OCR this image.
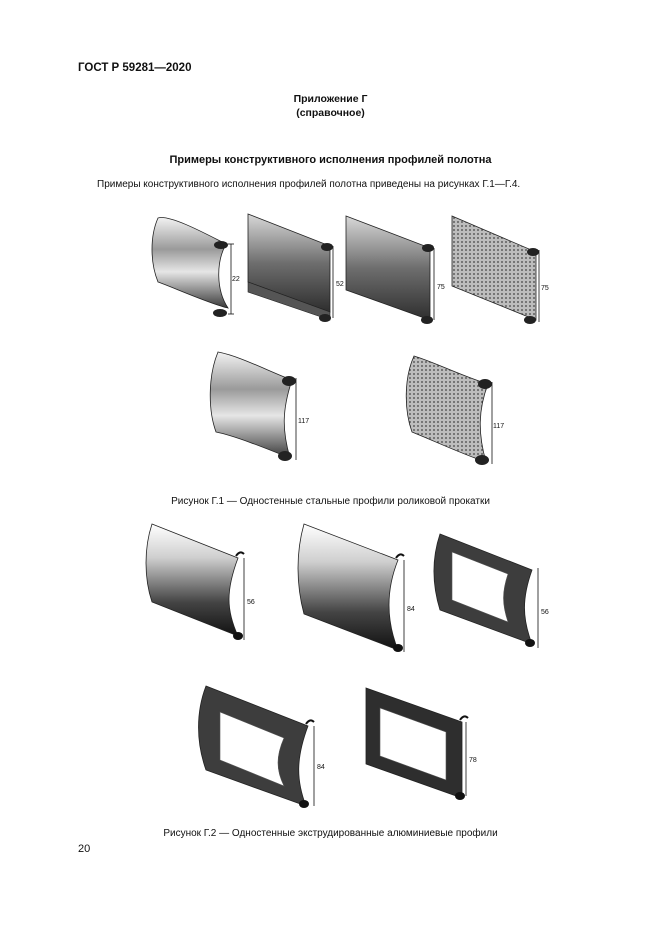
ГОСТ Р 59281—2020
Приложение Г
(справочное)
Примеры конструктивного исполнения профилей полотна
Примеры конструктивного исполнения профилей полотна приведены на рисунках Г.1—Г.4.
22
52	75	75
117
117
56
84	56
84
78
Рисунок Г.1 — Одностенные стальные профили роликовой прокатки
Рисунок Г.2 — Одностенные экструдированные алюминиевые профили
20
